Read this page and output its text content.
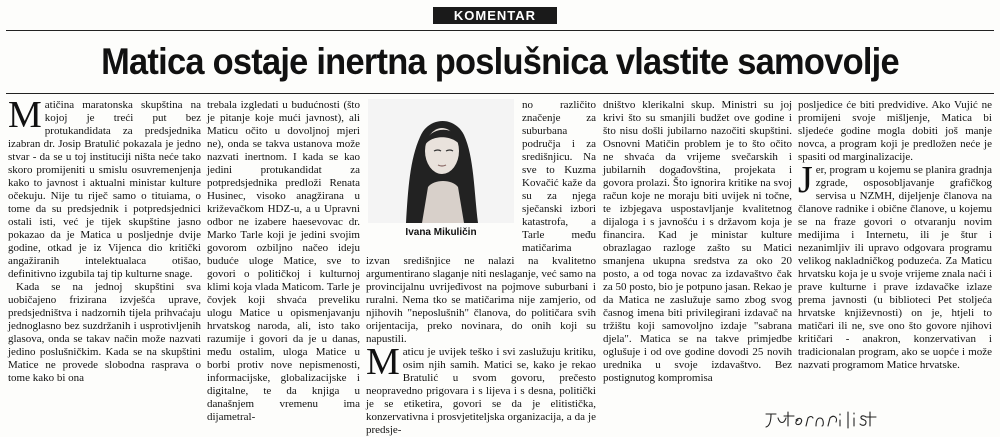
KOMENTAR
Matica ostaje inertna poslušnica vlastite samovolje

Matičina maratonska skupština na kojoj je treći put bez protukandidata za predsjednika izabran dr. Josip Bratulić pokazala je jedno stvar - da se u toj instituciji ništa neće tako skoro promijeniti u smislu osuvremenjenja kako to javnost i aktualni ministar kulture očekuju. Nije tu riječ samo o tituiama, o tome da su predsjednik i potpredsjednici ostali isti, već je tijek skupštine jasno pokazao da je Matica u posljednje dvije godine, otkad je iz Vijenca dio kritički angažiranih intelektualaca otišao, definitivno izgubila taj tip kulturne snage.

Kada se na jednoj skupštini sva uobičajeno frizirana izvješća uprave, predsjedništva i nadzornih tijela prihvaćaju jednoglasno bez suzdržanih i usprotivljenih glasova, onda se takav način može nazvati jedino poslušničkim. Kada se na skupštini Matice ne provede slobodna rasprava o tome kako bi ona

trebala izgledati u budućnosti (što je pitanje koje mući javnost), ali Maticu očito u dovoljnoj mjeri ne), onda se takva ustanova može nazvati inertnom. I kada se kao jedini protukandidat za potpredsjednika predloži Renata Husinec, visoko anagžirana u križevačkom HDZ-u, a u Upravni odbor ne izabere haesevovac dr. Marko Tarle koji je jedini svojim govorom ozbiljno načeo ideju buduće uloge Matice, sve to govori o političkoj i kulturnoj klimi koja vlada Maticom. Tarle je čovjek koji shvaća preveliku ulogu Matice u opismenjavanju hrvatskog naroda, ali, isto tako razumije i govori da je u danas, među ostalim, uloga Matice u borbi protiv nove nepismenosti, informacijske, globalizacijske i digitalne, te da knjiga u današnjem vremenu ima dijametral-

Ivana Mikuličin

no različito značenje za suburbana područja i za središnjicu. Na sve to Kuzma Kovačić kaže da su za njega sječanski izbori katastrofa, a Tarle među matičarima izvan središnjice ne nalazi na kvalitetno argumentirano slaganje niti neslaganje, već samo na provincijalnu uvrijeđivost na pojmove suburbani i ruralni. Nema tko se matičarima nije zamjerio, od njihovih "neposlušnih" članova, do političara svih orijentacija, preko novinara, do onih koji su napustili.

Maticu je uvijek teško i svi zaslužuju kritiku, osim njih samih. Matici se, kako je rekao Bratulić u svom govoru, prečesto neopravedno prigovara i s lijeva i s desna, politički je se etiketira, govori se da je elitistička, konzervativna i prosvjetiteljska organizacija, a da je predsje-

dništvo klerikalni skup. Ministri su joj krivi što su smanjili budžet ove godine i što nisu došli jubilarno nazočiti skupštini. Osnovni Matičin problem je to što očito ne shvaća da vrijeme svečarskih i jubilarnih događovština, projekata i govora prolazi. Što ignorira kritike na svoj račun koje ne moraju biti uvijek ni točne, te izbjegava uspostavljanje kvalitetnog dijaloga i s javnošću i s državom koja je financira. Kad je ministar kulture obrazlagao razloge zašto su Matici smanjena ukupna sredstva za oko 20 posto, a od toga novac za izdavaštvo čak za 50 posto, bio je potpuno jasan. Rekao je da Matica ne zaslužuje samo zbog svog časnog imena biti privilegirani izdavač na tržištu koji samovoljno izdaje "sabrana djela". Matica se na takve primjedbe oglušuje i od ove godine dovodi 25 novih urednika u svoje izdavaštvo. Bez postignutog kompromisa

posljedice će biti predvidive. Ako Vujić ne promijeni svoje mišljenje, Matica bi sljedeće godine mogla dobiti još manje novca, a program koji je predložen neće je spasiti od marginalizacije.

Jer, program u kojemu se planira gradnja zgrade, osposobljavanje grafičkog servisa u NZMH, dijeljenje članova na članove radnike i obične članove, u kojemu se na fraze govori o otvaranju novim medijima i Internetu, ili je štur i nezanimljiv ili upravo odgovara programu velikog nakladničkog poduzeća. Za Maticu hrvatsku koja je u svoje vrijeme znala naći i prave kulturne i prave izdavačke izlaze prema javnosti (u biblioteci Pet stoljeća hrvatske književnosti) on je, htjeli to matičari ili ne, sve ono što govore njihovi kritičari - anakron, konzervativan i tradicionalan program, ako se uopće i može nazvati programom Matice hrvatske.
